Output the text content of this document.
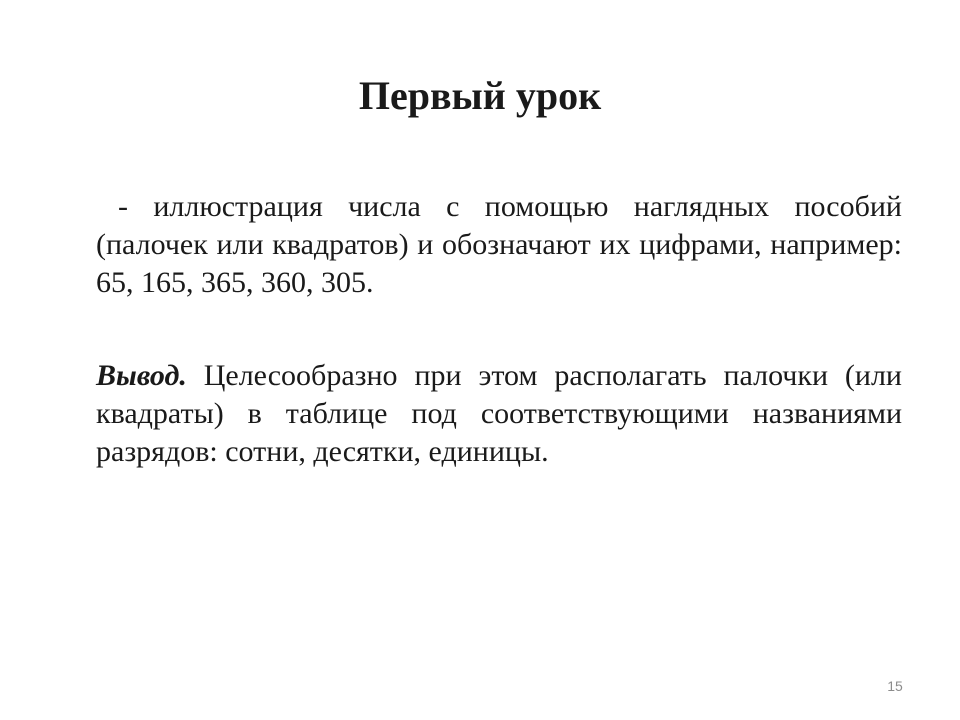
Первый урок

- иллюстрация числа с помощью наглядных пособий (палочек или квадратов) и обозначают их цифрами, например: 65, 165, 365, 360, 305.

Вывод. Целесообразно при этом располагать палочки (или квадраты) в таблице под соответствующими названиями разрядов: сотни, десятки, единицы.

15
